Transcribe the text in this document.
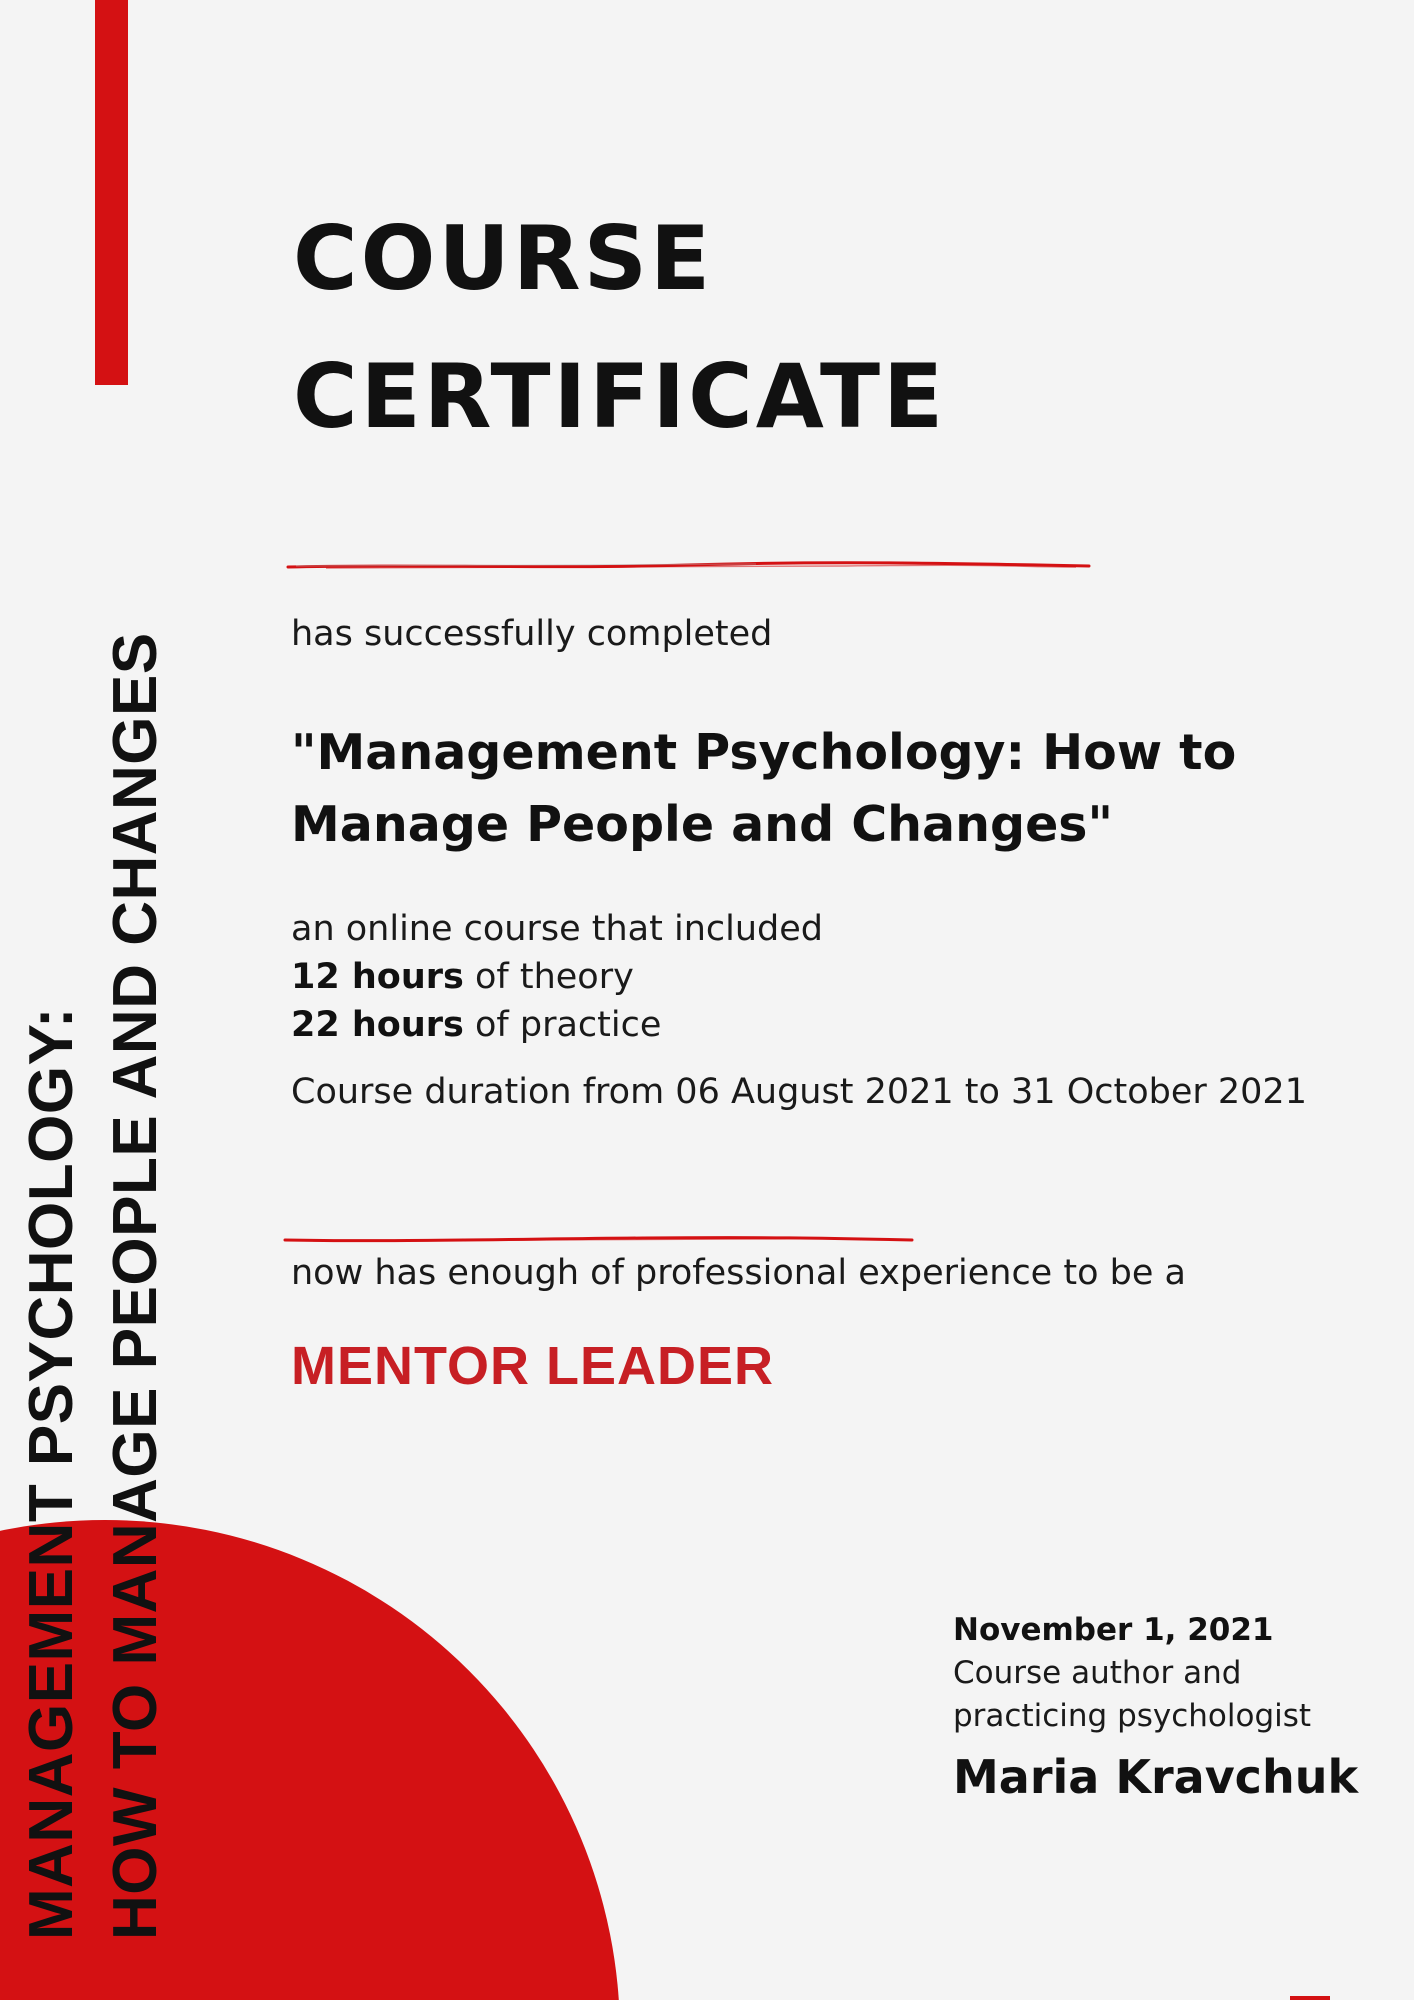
MANAGEMENT PSYCHOLOGY: HOW TO MANAGE PEOPLE AND CHANGES
COURSE
CERTIFICATE
has successfully completed
"Management Psychology: How to Manage People and Changes"
an online course that included
12 hours of theory
22 hours of practice
Course duration from 06 August 2021 to 31 October 2021
now has enough of professional experience to be a
MENTOR LEADER
November 1, 2021
Course author and
practicing psychologist
Maria Kravchuk
